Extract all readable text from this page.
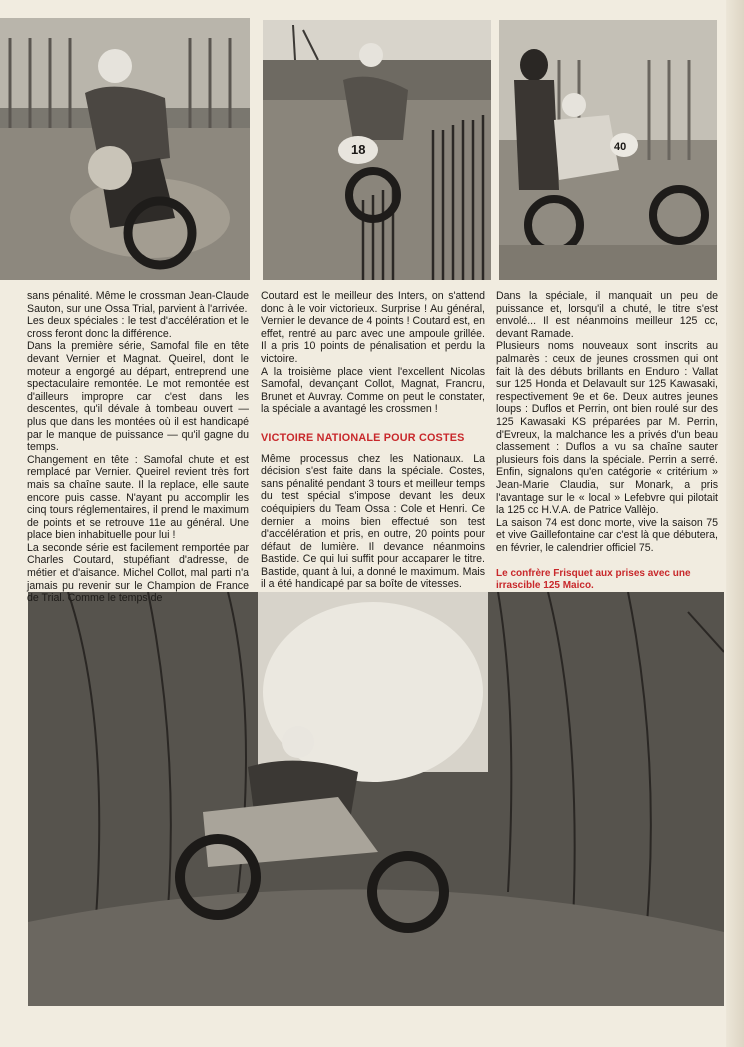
18	40

sans pénalité. Même le crossman Jean-Claude Sauton, sur une Ossa Trial, parvient à l'arrivée.

Les deux spéciales : le test d'accélération et le cross feront donc la différence.

Dans la première série, Samofal file en tête devant Vernier et Magnat. Queirel, dont le moteur a engorgé au départ, entreprend une spectaculaire remontée. Le mot remontée est d'ailleurs impropre car c'est dans les descentes, qu'il dévale à tombeau ouvert — plus que dans les montées où il est handicapé par le manque de puissance — qu'il gagne du temps.

Changement en tête : Samofal chute et est remplacé par Vernier. Queirel revient très fort mais sa chaîne saute. Il la replace, elle saute encore puis casse. N'ayant pu accomplir les cinq tours réglementaires, il prend le maximum de points et se retrouve 11e au général. Une place bien inhabituelle pour lui !

La seconde série est facilement remportée par Charles Coutard, stupéfiant d'adresse, de métier et d'aisance. Michel Collot, mal parti n'a jamais pu revenir sur le Champion de France de Trial. Comme le temps de

Coutard est le meilleur des Inters, on s'attend donc à le voir victorieux. Surprise ! Au général, Vernier le devance de 4 points ! Coutard est, en effet, rentré au parc avec une ampoule grillée. Il a pris 10 points de pénalisation et perdu la victoire.

A la troisième place vient l'excellent Nicolas Samofal, devançant Collot, Magnat, Francru, Brunet et Auvray. Comme on peut le constater, la spéciale a avantagé les crossmen !

VICTOIRE NATIONALE POUR COSTES

Même processus chez les Nationaux. La décision s'est faite dans la spéciale. Costes, sans pénalité pendant 3 tours et meilleur temps du test spécial s'impose devant les deux coéquipiers du Team Ossa : Cole et Henri. Ce dernier a moins bien effectué son test d'accélération et pris, en outre, 20 points pour défaut de lumière. Il devance néanmoins Bastide. Ce qui lui suffit pour accaparer le titre. Bastide, quant à lui, a donné le maximum. Mais il a été handicapé par sa boîte de vitesses.

Dans la spéciale, il manquait un peu de puissance et, lorsqu'il a chuté, le titre s'est envolé... Il est néanmoins meilleur 125 cc, devant Ramade.

Plusieurs noms nouveaux sont inscrits au palmarès : ceux de jeunes crossmen qui ont fait là des débuts brillants en Enduro : Vallat sur 125 Honda et Delavault sur 125 Kawasaki, respectivement 9e et 6e. Deux autres jeunes loups : Duflos et Perrin, ont bien roulé sur des 125 Kawasaki KS préparées par M. Perrin, d'Evreux, la malchance les a privés d'un beau classement : Duflos a vu sa chaîne sauter plusieurs fois dans la spéciale. Perrin a serré. Enfin, signalons qu'en catégorie « critérium » Jean-Marie Claudia, sur Monark, a pris l'avantage sur le « local » Lefebvre qui pilotait la 125 cc H.V.A. de Patrice Vallèjo.

La saison 74 est donc morte, vive la saison 75 et vive Gaillefontaine car c'est là que débutera, en février, le calendrier officiel 75.

Le confrère Frisquet aux prises avec une irrascible 125 Maico.
